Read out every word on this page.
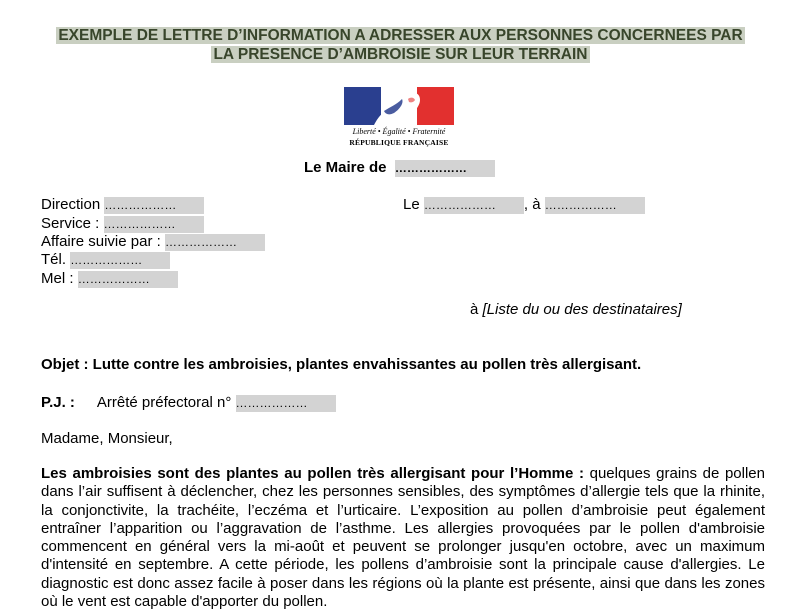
EXEMPLE DE LETTRE D’INFORMATION A ADRESSER AUX PERSONNES CONCERNEES PAR
LA PRESENCE D’AMBROISIE SUR LEUR TERRAIN
Liberté • Égalité • Fraternité
RÉPUBLIQUE FRANÇAISE
Le Maire de ………………
Direction ………………
Service : ………………
Affaire suivie par : ………………
Tél. ………………
Mel : ………………
Le ……………… , à ………………
à [Liste du ou des destinataires]
Objet : Lutte contre les ambroisies, plantes envahissantes au pollen très allergisant.
P.J. : Arrêté préfectoral n° ………………
Madame, Monsieur,
Les ambroisies sont des plantes au pollen très allergisant pour l’Homme : quelques grains de pollen dans l’air suffisent à déclencher, chez les personnes sensibles, des symptômes d’allergie tels que la rhinite, la conjonctivite, la trachéite, l’eczéma et l’urticaire. L’exposition au pollen d’ambroisie peut également entraîner l’apparition ou l’aggravation de l’asthme. Les allergies provoquées par le pollen d'ambroisie commencent en général vers la mi-août et peuvent se prolonger jusqu'en octobre, avec un maximum d'intensité en septembre. A cette période, les pollens d’ambroisie sont la principale cause d'allergies. Le diagnostic est donc assez facile à poser dans les régions où la plante est présente, ainsi que dans les zones où le vent est capable d'apporter du pollen.
